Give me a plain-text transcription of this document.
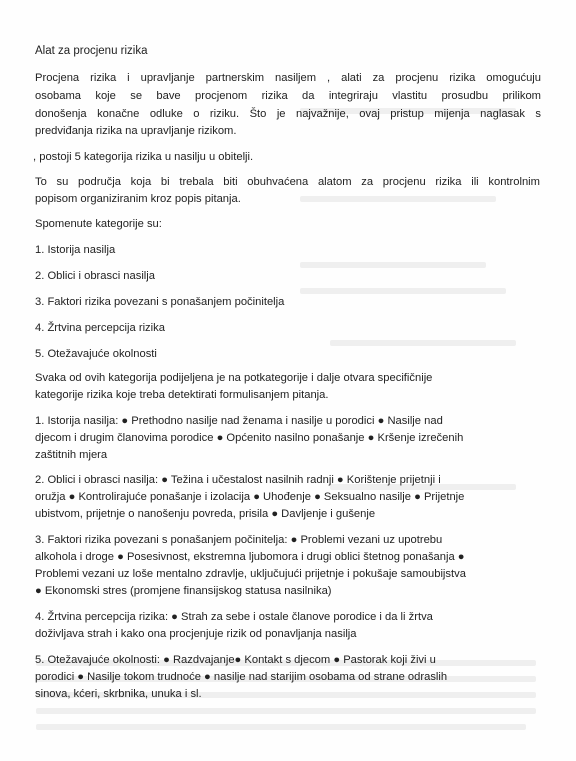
Alat za procjenu rizika
Procjena rizika i upravljanje partnerskim nasiljem , alati za procjenu rizika omogućuju
osobama koje se bave procjenom rizika da integriraju vlastitu prosudbu prilikom
donošenja konačne odluke o riziku. Što je najvažnije, ovaj pristup mijenja naglasak s
predviđanja rizika na upravljanje rizikom.
, postoji 5 kategorija rizika u nasilju u obitelji.
To su područja koja bi trebala biti obuhvaćena alatom za procjenu rizika ili kontrolnim
popisom organiziranim kroz popis pitanja.
Spomenute kategorije su:
1. Istorija nasilja
2. Oblici i obrasci nasilja
3. Faktori rizika povezani s ponašanjem počinitelja
4. Žrtvina percepcija rizika
5. Otežavajuće okolnosti
Svaka od ovih kategorija podijeljena je na potkategorije i dalje otvara specifičnije
kategorije rizika koje treba detektirati formulisanjem pitanja.
1. Istorija nasilja: ● Prethodno nasilje nad ženama i nasilje u porodici ● Nasilje nad
djecom i drugim članovima porodice ● Općenito nasilno ponašanje ● Kršenje izrečenih
zaštitnih mjera
2. Oblici i obrasci nasilja: ● Težina i učestalost nasilnih radnji ● Korištenje prijetnji i
oružja ● Kontrolirajuće ponašanje i izolacija ● Uhođenje ● Seksualno nasilje ● Prijetnje
ubistvom, prijetnje o nanošenju povreda, prisila ● Davljenje i gušenje
3. Faktori rizika povezani s ponašanjem počinitelja: ● Problemi vezani uz upotrebu
alkohola i droge ● Posesivnost, ekstremna ljubomora i drugi oblici štetnog ponašanja ●
Problemi vezani uz loše mentalno zdravlje, uključujući prijetnje i pokušaje samoubijstva
● Ekonomski stres (promjene finansijskog statusa nasilnika)
4. Žrtvina percepcija rizika: ● Strah za sebe i ostale članove porodice i da li žrtva
doživljava strah i kako ona procjenjuje rizik od ponavljanja nasilja
5. Otežavajuće okolnosti: ● Razdvajanje● Kontakt s djecom ● Pastorak koji živi u
porodici ● Nasilje tokom trudnoće ● nasilje nad starijim osobama od strane odraslih
sinova, kćeri, skrbnika, unuka i sl.
